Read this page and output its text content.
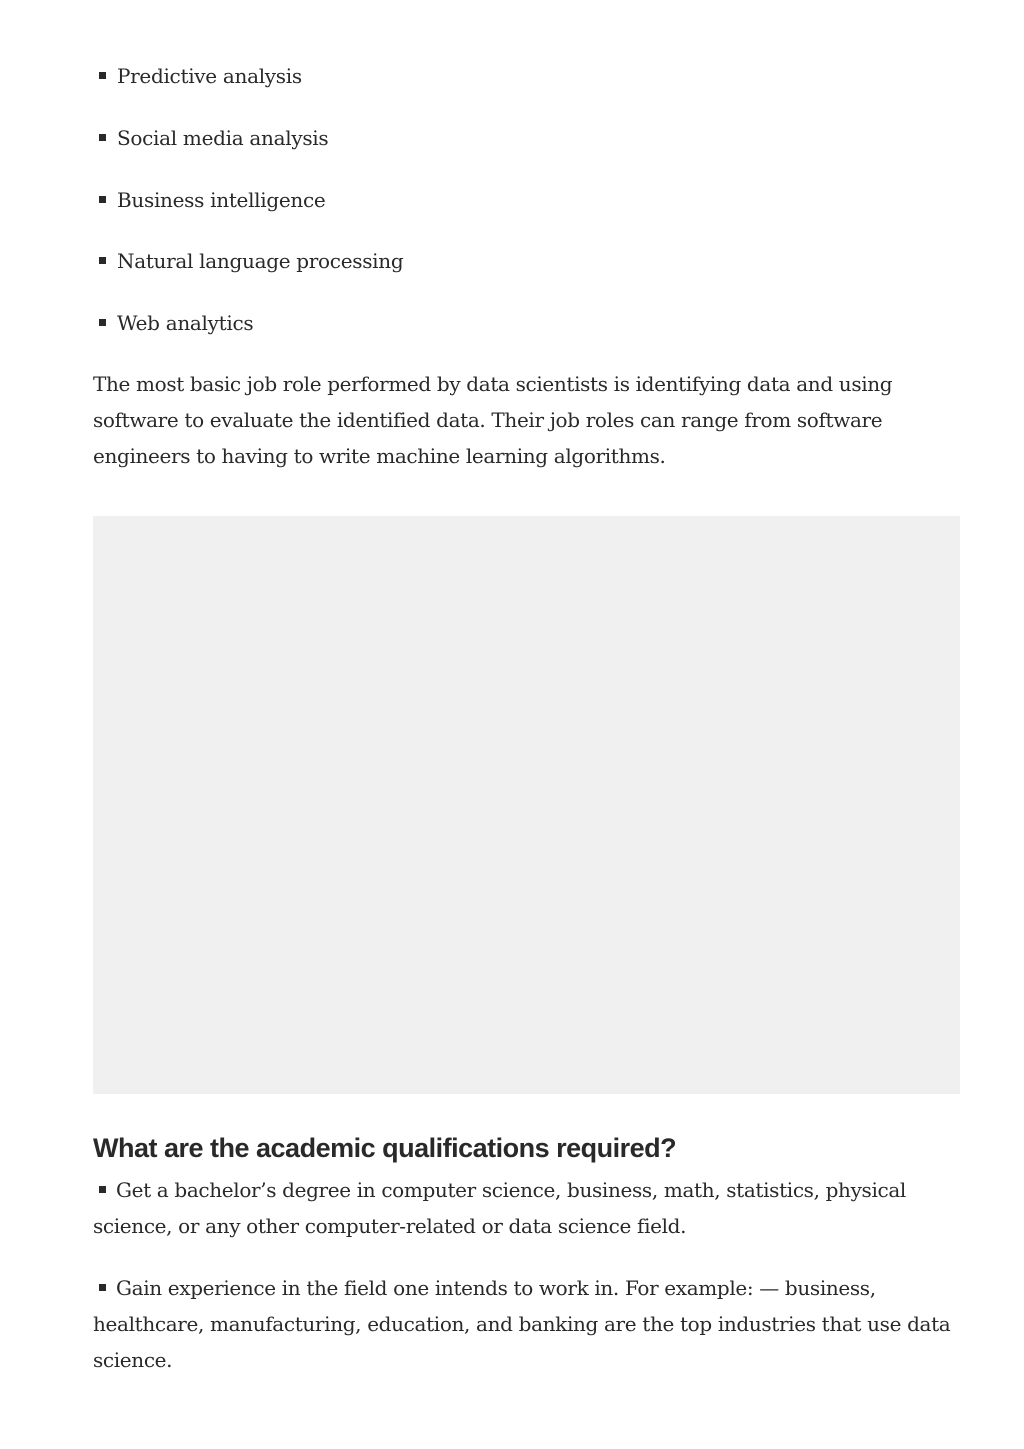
Predictive analysis
Social media analysis
Business intelligence
Natural language processing
Web analytics

The most basic job role performed by data scientists is identifying data and using software to evaluate the identified data. Their job roles can range from software engineers to having to write machine learning algorithms.

What are the academic qualifications required?

Get a bachelor’s degree in computer science, business, math, statistics, physical science, or any other computer-related or data science field.

Gain experience in the field one intends to work in. For example: — business, healthcare, manufacturing, education, and banking are the top industries that use data science.
